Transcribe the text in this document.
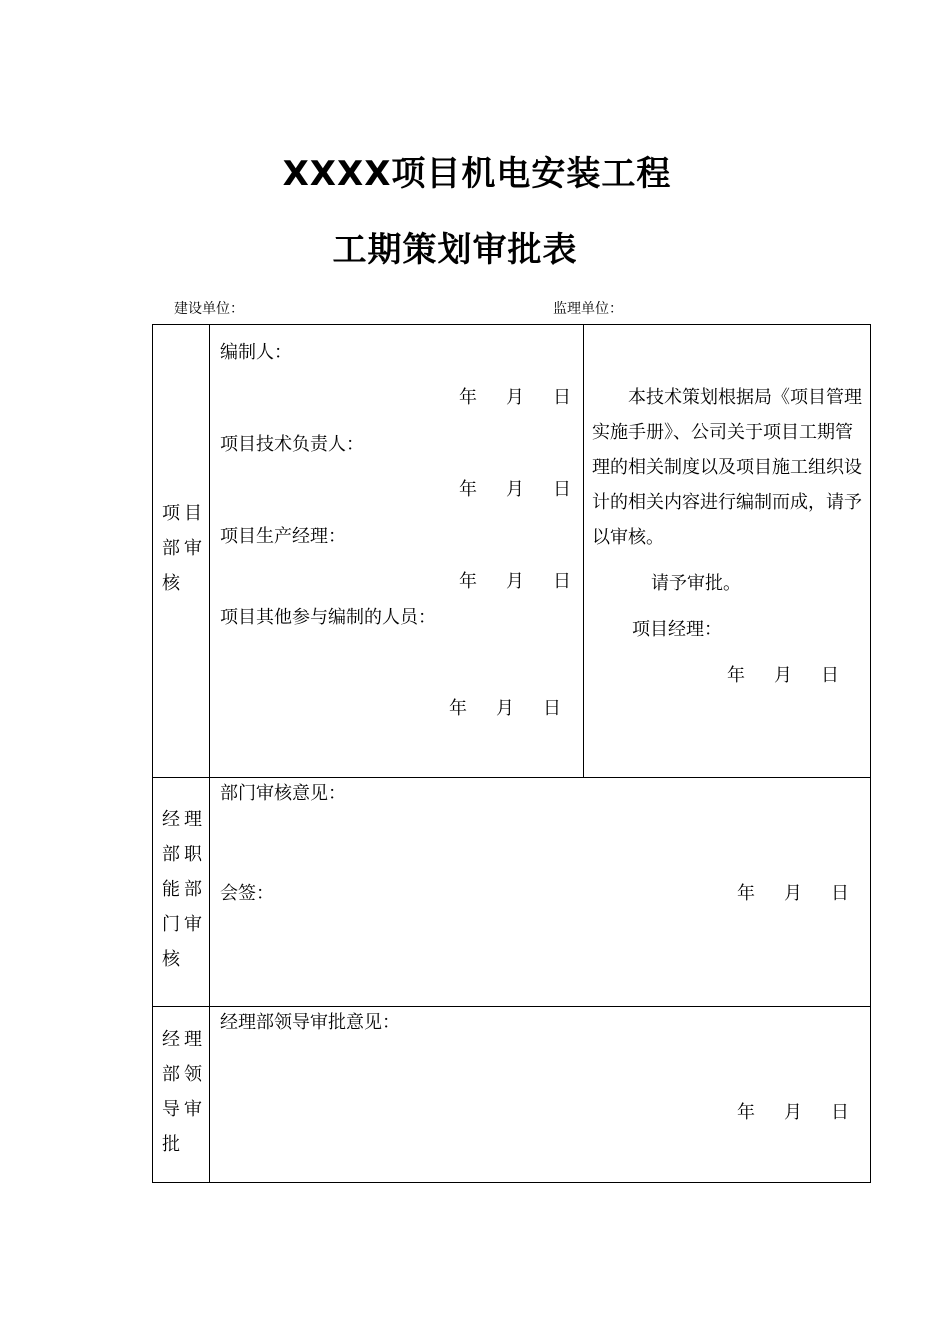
XXXX项目机电安装工程
工期策划审批表
建设单位：	监理单位：
项目部审核
编制人：
年 月 日
项目技术负责人：
年 月 日
项目生产经理：
年 月 日
项目其他参与编制的人员：
年 月 日
本技术策划根据局《项目管理实施手册》、公司关于项目工期管理的相关制度以及项目施工组织设计的相关内容进行编制而成，请予以审核。
请予审批。
项目经理：
年 月 日
经理部职能部门审核
部门审核意见：
会签：	年 月 日
经理部领导审批
经理部领导审批意见：
年 月 日
